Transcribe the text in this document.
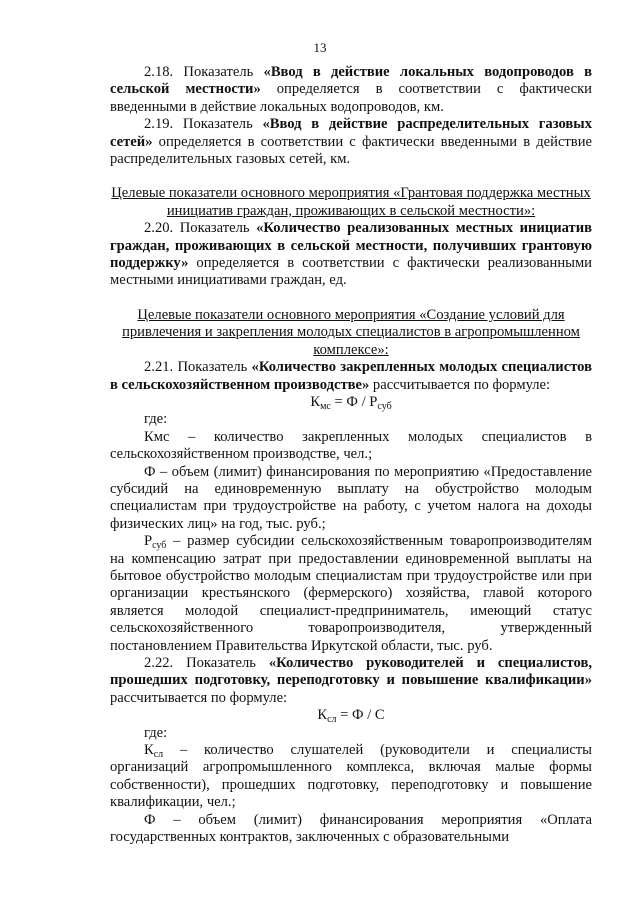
13

2.18. Показатель «Ввод в действие локальных водопроводов в сельской местности» определяется в соответствии с фактически введенными в действие локальных водопроводов, км.

2.19. Показатель «Ввод в действие распределительных газовых сетей» определяется в соответствии с фактически введенными в действие распределительных газовых сетей, км.

Целевые показатели основного мероприятия «Грантовая поддержка местных инициатив граждан, проживающих в сельской местности»:

2.20. Показатель «Количество реализованных местных инициатив граждан, проживающих в сельской местности, получивших грантовую поддержку» определяется в соответствии с фактически реализованными местными инициативами граждан, ед.

Целевые показатели основного мероприятия «Создание условий для привлечения и закрепления молодых специалистов в агропромышленном комплексе»:

2.21. Показатель «Количество закрепленных молодых специалистов в сельскохозяйственном производстве» рассчитывается по формуле:

$К_{мс} = Ф / Р_{суб}$

где:

Кмс – количество закрепленных молодых специалистов в сельскохозяйственном производстве, чел.;

Ф – объем (лимит) финансирования по мероприятию «Предоставление субсидий на единовременную выплату на обустройство молодым специалистам при трудоустройстве на работу, с учетом налога на доходы физических лиц» на год, тыс. руб.;

$Р_{суб}$ – размер субсидии сельскохозяйственным товаропроизводителям на компенсацию затрат при предоставлении единовременной выплаты на бытовое обустройство молодым специалистам при трудоустройстве или при организации крестьянского (фермерского) хозяйства, главой которого является молодой специалист-предприниматель, имеющий статус сельскохозяйственного товаропроизводителя, утвержденный постановлением Правительства Иркутской области, тыс. руб.

2.22. Показатель «Количество руководителей и специалистов, прошедших подготовку, переподготовку и повышение квалификации» рассчитывается по формуле:

$К_{сл} = Ф / С$

где:

$К_{сл}$ – количество слушателей (руководители и специалисты организаций агропромышленного комплекса, включая малые формы собственности), прошедших подготовку, переподготовку и повышение квалификации, чел.;

Ф – объем (лимит) финансирования мероприятия «Оплата государственных контрактов, заключенных с образовательными
